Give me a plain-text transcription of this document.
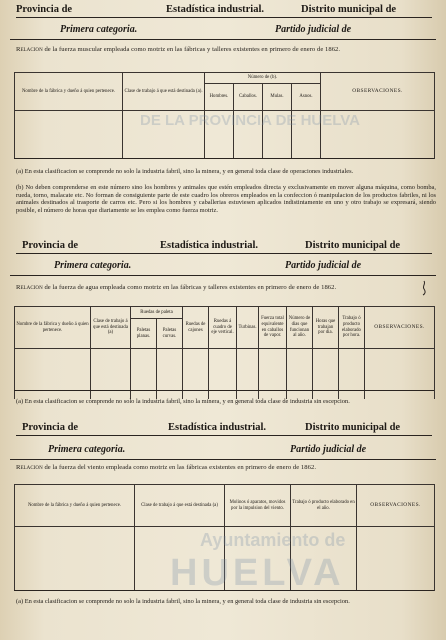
Provincia de	Estadística industrial.	Distrito municipal de
Primera categoria.	Partido judicial de
Relacion de la fuerza muscular empleada como motriz en las fábricas y talleres existentes en primero de enero de 1862.
Nombre de la fábrica y dueño á quien pertenece.	Clase de trabajo á que está destinada (a).	Número de (b).				OBSERVACIONES.
		Hombres.	Caballos.	Mulas.	Asnos.	

(a) En esta clasificacion se comprende no solo la industria fabril, sino la minera, y en general toda clase de operaciones industriales.
(b) No deben comprenderse en este número sino los hombres y animales que estén empleados directa y exclusivamente en mover alguna máquina, como bomba, rueda, torno, malacate etc. No forman de consiguiente parte de este cuadro los obreros empleados en la confeccion ó manipulacion de los productos fabriles, ni los animales destinados al trasporte de carros etc. Pero si los hombres y caballerias estuviesen aplicados indistintamente en uno y otro trabajo se expresará, siendo posible, el número de horas que diariamente se les emplea como fuerza motriz.
Provincia de	Estadística industrial.	Distrito municipal de
Primera categoria.	Partido judicial de
Relacion de la fuerza de agua empleada como motriz en las fábricas y talleres existentes en primero de enero de 1862.
Nombre de la fábrica y dueño á quien pertenece.	Clase de trabajo á que está destinada (a)	Ruedas de paleta		Ruedas de cajones	Ruedas á cuadro de eje vertical.	Turbinas.	Fuerza total equivalente en caballos de vapor.	Número de dias que funcionan al año.	Horas que trabajan por dia.	Trabajo ó producto elaborado por hora.	OBSERVACIONES.
		Paletas planas.	Paletas curvas.								

(a) En esta clasificacion se comprende no solo la industria fabril, sino la minera, y en general toda clase de industria sin escepcion.
Provincia de	Estadística industrial.	Distrito municipal de
Primera categoria.	Partido judicial de
Relacion de la fuerza del viento empleada como motriz en las fábricas existentes en primero de enero de 1862.
Nombre de la fábrica y dueño á quien pertenece.	Clase de trabajo á que está destinada (a)	Molinos ó aparatos, movidos por la impulsion del viento.	Trabajo ó producto elaborado en el año.	OBSERVACIONES.

(a) En esta clasificacion se comprende no solo la industria fabril, sino la minera, y en general toda clase de industria sin escepcion.
DE LA PROVINCIA DE HUELVA
Ayuntamiento de
HUELVA
